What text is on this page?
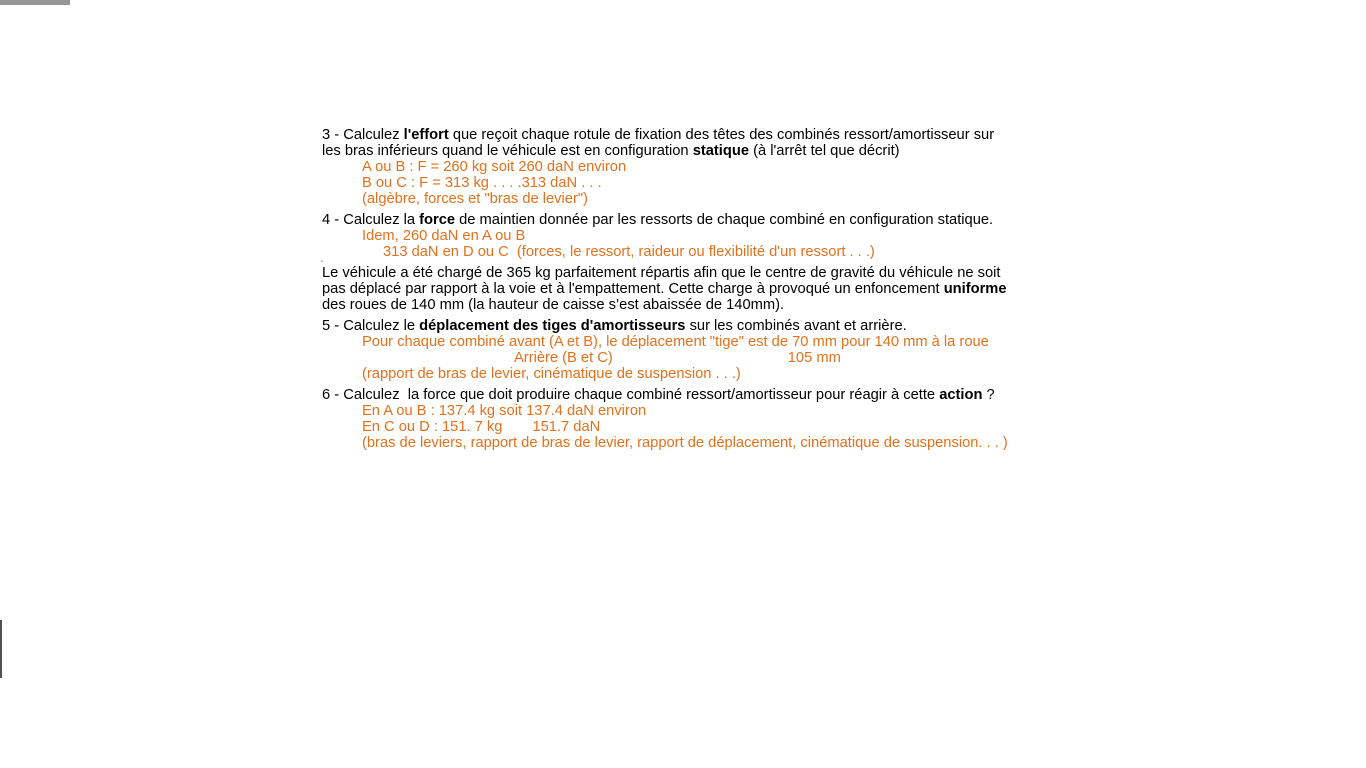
.
3 - Calculez l'effort que reçoit chaque rotule de fixation des têtes des combinés ressort/amortisseur sur
les bras inférieurs quand le véhicule est en configuration statique (à l'arrêt tel que décrit)
A ou B : F = 260 kg soit 260 daN environ
B ou C : F = 313 kg . . . .313 daN . . .
(algèbre, forces et "bras de levier")
4 - Calculez la force de maintien donnée par les ressorts de chaque combiné en configuration statique.
Idem, 260 daN en A ou B
313 daN en D ou C  (forces, le ressort, raideur ou flexibilité d'un ressort . . .)
Le véhicule a été chargé de 365 kg parfaitement répartis afin que le centre de gravité du véhicule ne soit
pas déplacé par rapport à la voie et à l'empattement. Cette charge à provoqué un enfoncement uniforme
des roues de 140 mm (la hauteur de caisse s’est abaissée de 140mm).
5 - Calculez le déplacement des tiges d'amortisseurs sur les combinés avant et arrière.
Pour chaque combiné avant (A et B), le déplacement "tige" est de 70 mm pour 140 mm à la roue
Arrière (B et C)	105 mm
(rapport de bras de levier, cinématique de suspension . . .)
6 - Calculez  la force que doit produire chaque combiné ressort/amortisseur pour réagir à cette action ?
En A ou B : 137.4 kg soit 137.4 daN environ
En C ou D : 151. 7 kg 151.7 daN
(bras de leviers, rapport de bras de levier, rapport de déplacement, cinématique de suspension. . . )
